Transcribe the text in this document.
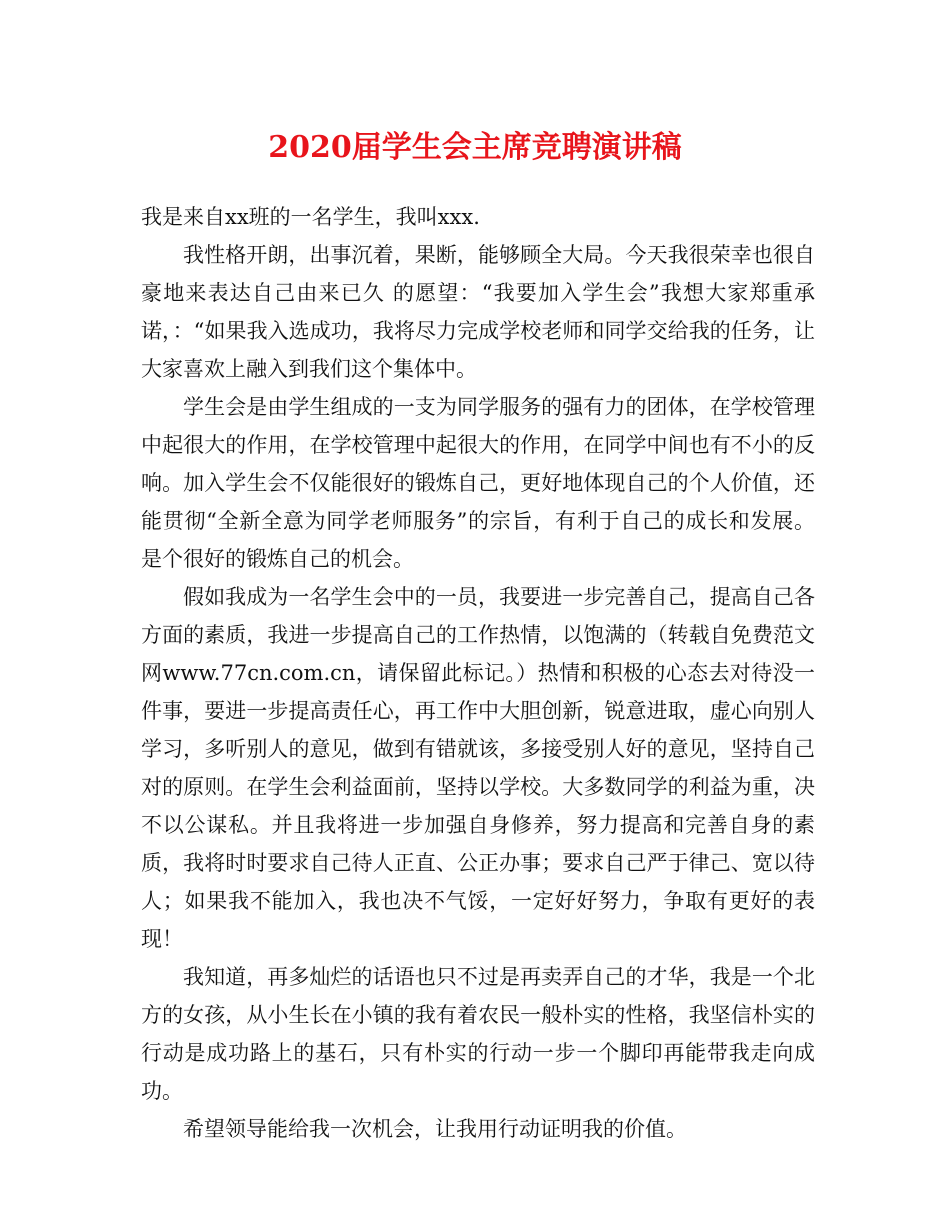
2020届学生会主席竞聘演讲稿

我是来自xx班的一名学生，我叫xxx.

我性格开朗，出事沉着，果断，能够顾全大局。今天我很荣幸也很自豪地来表达自己由来已久 的愿望：“我要加入学生会”我想大家郑重承诺，：“如果我入选成功，我将尽力完成学校老师和同学交给我的任务，让大家喜欢上融入到我们这个集体中。

学生会是由学生组成的一支为同学服务的强有力的团体，在学校管理中起很大的作用，在学校管理中起很大的作用，在同学中间也有不小的反响。加入学生会不仅能很好的锻炼自己，更好地体现自己的个人价值，还能贯彻“全新全意为同学老师服务”的宗旨，有利于自己的成长和发展。 是个很好的锻炼自己的机会。

假如我成为一名学生会中的一员，我要进一步完善自己，提高自己各方面的素质，我进一步提高自己的工作热情，以饱满的（转载自免费范文网www.77cn.com.cn，请保留此标记。）热情和积极的心态去对待没一件事，要进一步提高责任心，再工作中大胆创新，锐意进取，虚心向别人学习，多听别人的意见，做到有错就该，多接受别人好的意见，坚持自己对的原则。在学生会利益面前，坚持以学校。大多数同学的利益为重，决不以公谋私。并且我将进一步加强自身修养，努力提高和完善自身的素质，我将时时要求自己待人正直、公正办事；要求自己严于律己、宽以待人；如果我不能加入，我也决不气馁，一定好好努力，争取有更好的表现！

我知道，再多灿烂的话语也只不过是再卖弄自己的才华，我是一个北方的女孩，从小生长在小镇的我有着农民一般朴实的性格，我坚信朴实的行动是成功路上的基石，只有朴实的行动一步一个脚印再能带我走向成功。

希望领导能给我一次机会，让我用行动证明我的价值。
